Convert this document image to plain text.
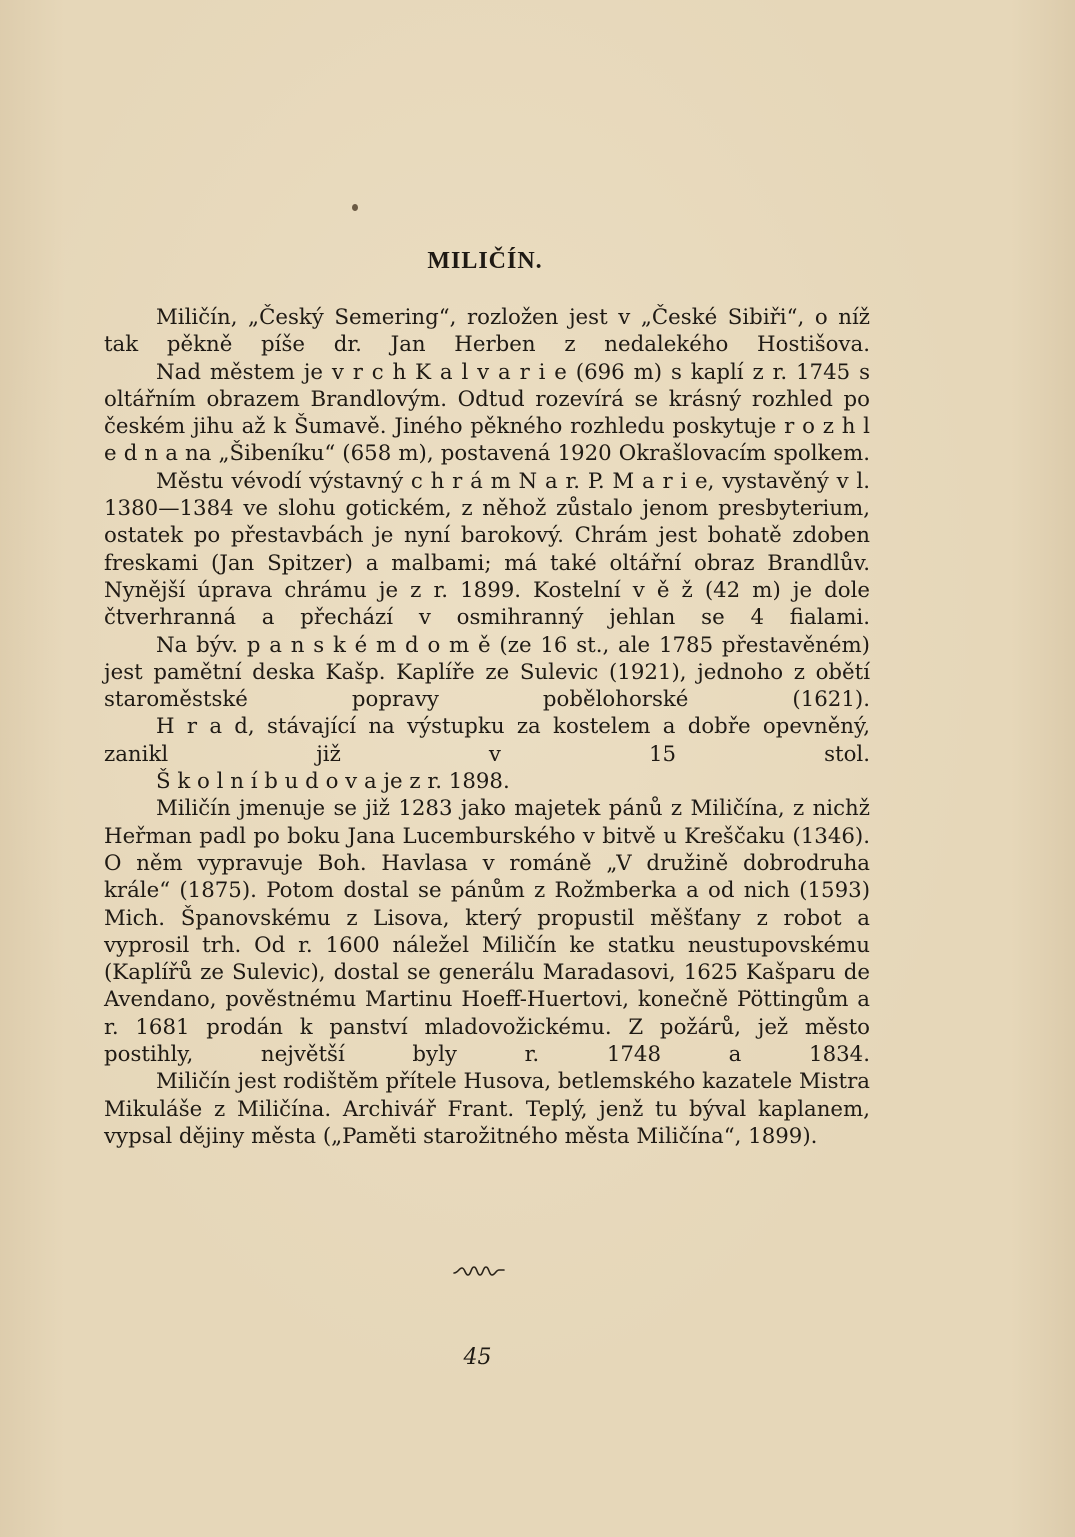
MILIČÍN.

Miličín, „Český Semering“, rozložen jest v „České Sibiři“, o níž tak pěkně píše dr. Jan Herben z nedalekého Hostišova.

Nad městem je v r c h K a l v a r i e (696 m) s kaplí z r. 1745 s oltářním obrazem Brandlovým. Odtud rozevírá se krásný rozhled po českém jihu až k Šumavě. Jiného pěkného rozhledu poskytuje r o z h l e d n a na „Šibeníku“ (658 m), postavená 1920 Okrašlovacím spolkem.

Městu vévodí výstavný c h r á m N a r. P. M a r i e, vystavěný v l. 1380—1384 ve slohu gotickém, z něhož zůstalo jenom presbyterium, ostatek po přestavbách je nyní barokový. Chrám jest bohatě zdoben freskami (Jan Spitzer) a malbami; má také oltářní obraz Brandlův. Nynější úprava chrámu je z r. 1899. Kostelní v ě ž (42 m) je dole čtverhranná a přechází v osmihranný jehlan se 4 fialami.

Na býv. p a n s k é m d o m ě (ze 16 st., ale 1785 přestavěném) jest pamětní deska Kašp. Kaplíře ze Sulevic (1921), jednoho z obětí staroměstské popravy pobělohorské (1621).

H r a d, stávající na výstupku za kostelem a dobře opevněný, zanikl již v 15 stol.

Š k o l n í b u d o v a je z r. 1898.

Miličín jmenuje se již 1283 jako majetek pánů z Miličína, z nichž Heřman padl po boku Jana Lucemburského v bitvě u Kreščaku (1346). O něm vypravuje Boh. Havlasa v románě „V družině dobrodruha krále“ (1875). Potom dostal se pánům z Rožmberka a od nich (1593) Mich. Španovskému z Lisova, který propustil měšťany z robot a vyprosil trh. Od r. 1600 náležel Miličín ke statku neustupovskému (Kaplířů ze Sulevic), dostal se generálu Maradasovi, 1625 Kašparu de Avendano, pověstnému Martinu Hoeff-Huertovi, konečně Pöttingům a r. 1681 prodán k panství mladovožickému. Z požárů, jež město postihly, největší byly r. 1748 a 1834.

Miličín jest rodištěm přítele Husova, betlemského kazatele Mistra Mikuláše z Miličína. Archivář Frant. Teplý, jenž tu býval kaplanem, vypsal dějiny města („Paměti starožitného města Miličína“, 1899).

45
